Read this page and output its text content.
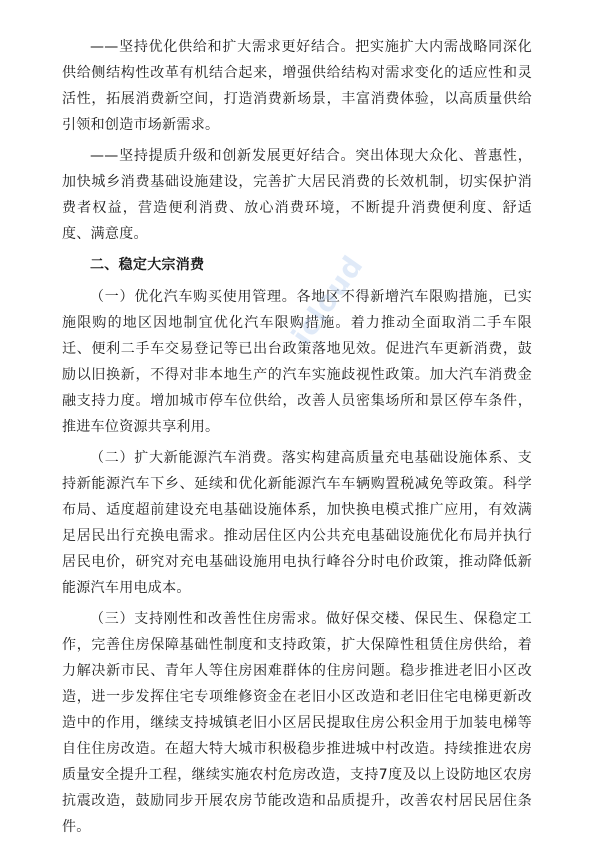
——坚持优化供给和扩大需求更好结合。把实施扩大内需战略同深化供给侧结构性改革有机结合起来，增强供给结构对需求变化的适应性和灵活性，拓展消费新空间，打造消费新场景，丰富消费体验，以高质量供给引领和创造市场新需求。

——坚持提质升级和创新发展更好结合。突出体现大众化、普惠性，加快城乡消费基础设施建设，完善扩大居民消费的长效机制，切实保护消费者权益，营造便利消费、放心消费环境，不断提升消费便利度、舒适度、满意度。

二、稳定大宗消费

（一）优化汽车购买使用管理。各地区不得新增汽车限购措施，已实施限购的地区因地制宜优化汽车限购措施。着力推动全面取消二手车限迁、便利二手车交易登记等已出台政策落地见效。促进汽车更新消费，鼓励以旧换新，不得对非本地生产的汽车实施歧视性政策。加大汽车消费金融支持力度。增加城市停车位供给，改善人员密集场所和景区停车条件，推进车位资源共享利用。

（二）扩大新能源汽车消费。落实构建高质量充电基础设施体系、支持新能源汽车下乡、延续和优化新能源汽车车辆购置税减免等政策。科学布局、适度超前建设充电基础设施体系，加快换电模式推广应用，有效满足居民出行充换电需求。推动居住区内公共充电基础设施优化布局并执行居民电价，研究对充电基础设施用电执行峰谷分时电价政策，推动降低新能源汽车用电成本。

（三）支持刚性和改善性住房需求。做好保交楼、保民生、保稳定工作，完善住房保障基础性制度和支持政策，扩大保障性租赁住房供给，着力解决新市民、青年人等住房困难群体的住房问题。稳步推进老旧小区改造，进一步发挥住宅专项维修资金在老旧小区改造和老旧住宅电梯更新改造中的作用，继续支持城镇老旧小区居民提取住房公积金用于加装电梯等自住住房改造。在超大特大城市积极稳步推进城中村改造。持续推进农房质量安全提升工程，继续实施农村危房改造，支持7度及以上设防地区农房抗震改造，鼓励同步开展农房节能改造和品质提升，改善农村居民居住条件。

icloud
